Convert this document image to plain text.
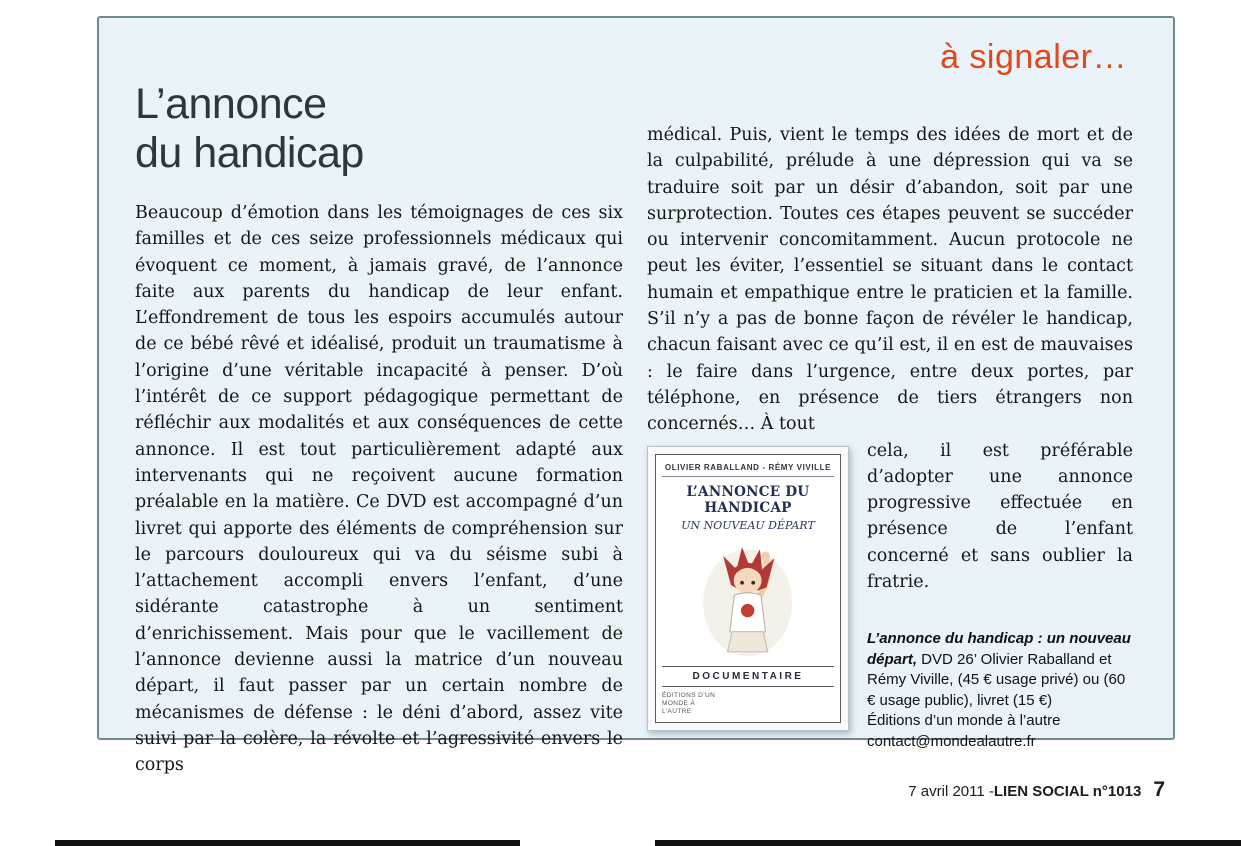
à signaler…
L’annonce
du handicap
Beaucoup d’émotion dans les témoignages de ces six familles et de ces seize professionnels médicaux qui évoquent ce moment, à jamais gravé, de l’annonce faite aux parents du handicap de leur enfant. L’effondrement de tous les espoirs accumulés autour de ce bébé rêvé et idéalisé, produit un traumatisme à l’origine d’une véritable incapacité à penser. D’où l’intérêt de ce support pédagogique permettant de réfléchir aux modalités et aux conséquences de cette annonce. Il est tout particulièrement adapté aux intervenants qui ne reçoivent aucune formation préalable en la matière. Ce DVD est accompagné d’un livret qui apporte des éléments de compréhension sur le parcours douloureux qui va du séisme subi à l’attachement accompli envers l’enfant, d’une sidérante catastrophe à un sentiment d’enrichissement. Mais pour que le vacillement de l’annonce devienne aussi la matrice d’un nouveau départ, il faut passer par un certain nombre de mécanismes de défense : le déni d’abord, assez vite suivi par la colère, la révolte et l’agressivité envers le corps

médical. Puis, vient le temps des idées de mort et de la culpabilité, prélude à une dépression qui va se traduire soit par un désir d’abandon, soit par une surprotection. Toutes ces étapes peuvent se succéder ou intervenir concomitamment. Aucun protocole ne peut les éviter, l’essentiel se situant dans le contact humain et empathique entre le praticien et la famille. S’il n’y a pas de bonne façon de révéler le handicap, chacun faisant avec ce qu’il est, il en est de mauvaises : le faire dans l’urgence, entre deux portes, par téléphone, en présence de tiers étrangers non concernés… À tout

OLIVIER RABALLAND - RÉMY VIVILLE
L’ANNONCE DU HANDICAP
UN NOUVEAU DÉPART
DOCUMENTAIRE
ÉDITIONS D’UN MONDE À L’AUTRE

cela, il est préférable d’adopter une annonce progressive effectuée en présence de l’enfant concerné et sans oublier la fratrie.

L’annonce du handicap : un nouveau départ, DVD 26’ Olivier Raballand et Rémy Viville, (45 € usage privé) ou (60 € usage public), livret (15 €)
Éditions d’un monde à l’autre
contact@mondealautre.fr
7 avril 2011 - LIEN SOCIAL n°1013 7
